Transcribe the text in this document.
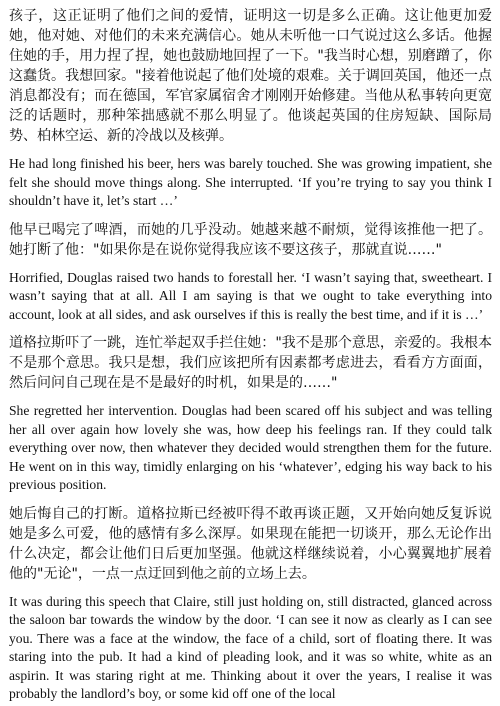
孩子，这正证明了他们之间的爱情，证明这一切是多么正确。这让他更加爱她，他对她、对他们的未来充满信心。她从未听他一口气说过这么多话。他握住她的手，用力捏了捏，她也鼓励地回捏了一下。"我当时心想，别磨蹭了，你这蠢货。我想回家。"接着他说起了他们处境的艰难。关于调回英国，他还一点消息都没有；而在德国，军官家属宿舍才刚刚开始修建。当他从私事转向更宽泛的话题时，那种笨拙感就不那么明显了。他谈起英国的住房短缺、国际局势、柏林空运、新的冷战以及核弹。

He had long finished his beer, hers was barely touched. She was growing impatient, she felt she should move things along. She interrupted. ‘If you’re trying to say you think I shouldn’t have it, let’s start …’

他早已喝完了啤酒，而她的几乎没动。她越来越不耐烦，觉得该推他一把了。她打断了他："如果你是在说你觉得我应该不要这孩子，那就直说……"

Horrified, Douglas raised two hands to forestall her. ‘I wasn’t saying that, sweetheart. I wasn’t saying that at all. All I am saying is that we ought to take everything into account, look at all sides, and ask ourselves if this is really the best time, and if it is …’

道格拉斯吓了一跳，连忙举起双手拦住她："我不是那个意思，亲爱的。我根本不是那个意思。我只是想，我们应该把所有因素都考虑进去，看看方方面面，然后问问自己现在是不是最好的时机，如果是的……"

She regretted her intervention. Douglas had been scared off his subject and was telling her all over again how lovely she was, how deep his feelings ran. If they could talk everything over now, then whatever they decided would strengthen them for the future. He went on in this way, timidly enlarging on his ‘whatever’, edging his way back to his previous position.

她后悔自己的打断。道格拉斯已经被吓得不敢再谈正题，又开始向她反复诉说她是多么可爱，他的感情有多么深厚。如果现在能把一切谈开，那么无论作出什么决定，都会让他们日后更加坚强。他就这样继续说着，小心翼翼地扩展着他的"无论"，一点一点迂回到他之前的立场上去。

It was during this speech that Claire, still just holding on, still distracted, glanced across the saloon bar towards the window by the door. ‘I can see it now as clearly as I can see you. There was a face at the window, the face of a child, sort of floating there. It was staring into the pub. It had a kind of pleading look, and it was so white, white as an aspirin. It was staring right at me. Thinking about it over the years, I realise it was probably the landlord’s boy, or some kid off one of the local
